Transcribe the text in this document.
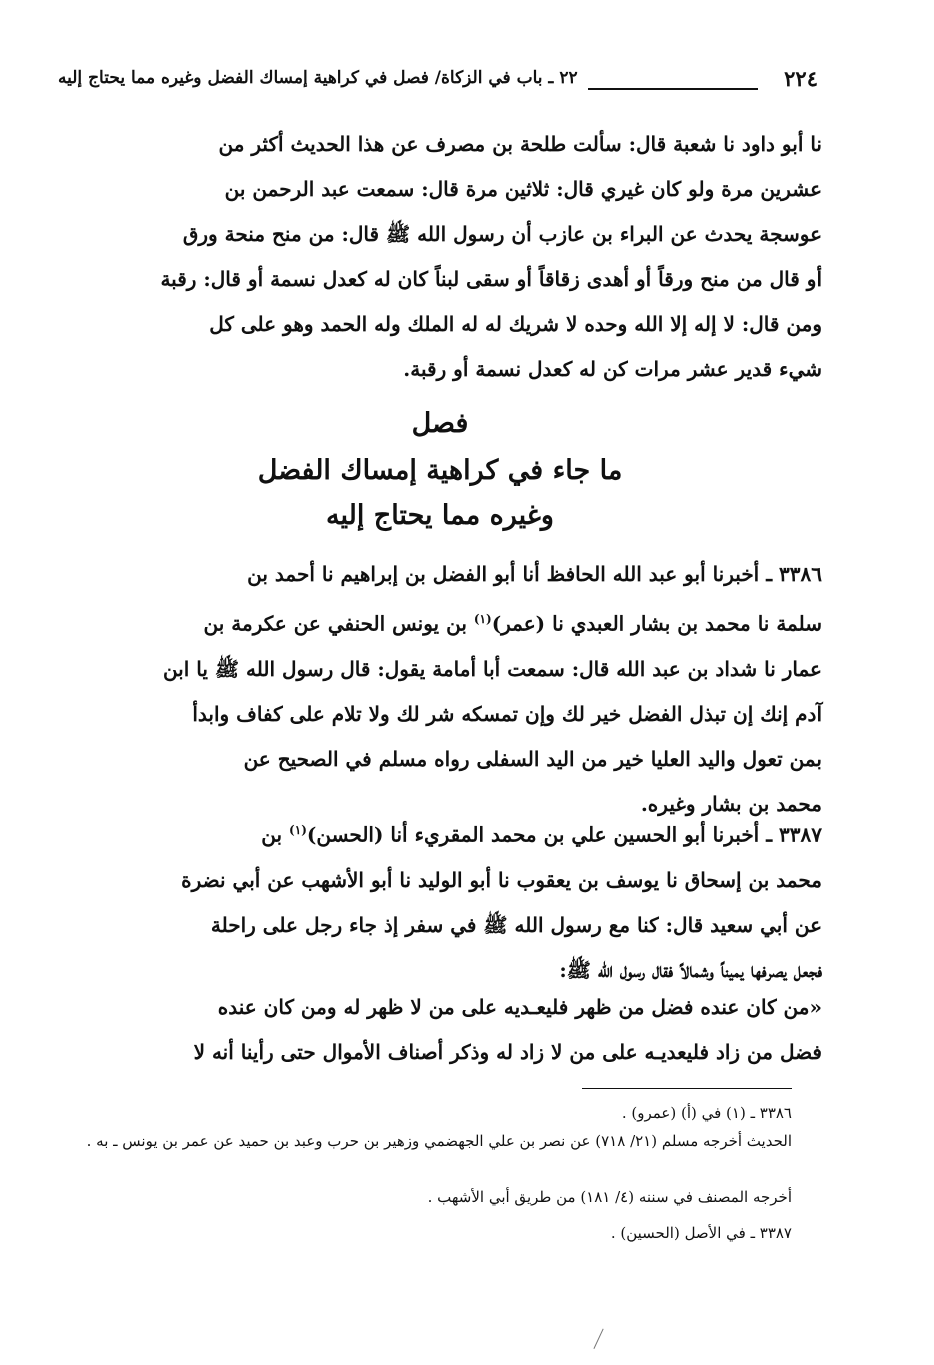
٢٢٤
٢٢ ـ باب في الزكاة/ فصل في كراهية إمساك الفضل وغيره مما يحتاج إليه

نا أبو داود نا شعبة قال: سألت طلحة بن مصرف عن هذا الحديث أكثر من

عشرين مرة ولو كان غيري قال: ثلاثين مرة قال: سمعت عبد الرحمن بن

عوسجة يحدث عن البراء بن عازب أن رسول الله ﷺ قال: من منح منحة ورق

أو قال من منح ورقاً أو أهدى زقاقاً أو سقى لبناً كان له كعدل نسمة أو قال: رقبة

ومن قال: لا إله إلا الله وحده لا شريك له له الملك وله الحمد وهو على كل

شيء قدير عشر مرات كن له كعدل نسمة أو رقبة.

فصل
ما جاء في كراهية إمساك الفضل
وغيره مما يحتاج إليه

٣٣٨٦ ـ أخبرنا أبو عبد الله الحافظ أنا أبو الفضل بن إبراهيم نا أحمد بن

سلمة نا محمد بن بشار العبدي نا (عمر)$^{(١)}$ بن يونس الحنفي عن عكرمة بن

عمار نا شداد بن عبد الله قال: سمعت أبا أمامة يقول: قال رسول الله ﷺ يا ابن

آدم إنك إن تبذل الفضل خير لك وإن تمسكه شر لك ولا تلام على كفاف وابدأ

بمن تعول واليد العليا خير من اليد السفلى رواه مسلم في الصحيح عن

محمد بن بشار وغيره.

٣٣٨٧ ـ أخبرنا أبو الحسين علي بن محمد المقريء أنا (الحسن)$^{(١)}$ بن

محمد بن إسحاق نا يوسف بن يعقوب نا أبو الوليد نا أبو الأشهب عن أبي نضرة

عن أبي سعيد قال: كنا مع رسول الله ﷺ في سفر إذ جاء رجل على راحلة

فجعل يصرفها يميناً وشمالاً فقال رسول الله ﷺ:

«من كان عنده فضل من ظهر فليعـديه على من لا ظهر له ومن كان عنده

فضل من زاد فليعديـه على من لا زاد له وذكر أصناف الأموال حتى رأينا أنه لا

٣٣٨٦ ـ (١) في (أ) (عمرو) .

الحديث أخرجه مسلم (٢١/ ٧١٨) عن نصر بن علي الجهضمي وزهير بن حرب وعبد بن حميد عن عمر بن يونس ـ به .

أخرجه المصنف في سننه (٤/ ١٨١) من طريق أبي الأشهب .

٣٣٨٧ ـ في الأصل (الحسين) .
